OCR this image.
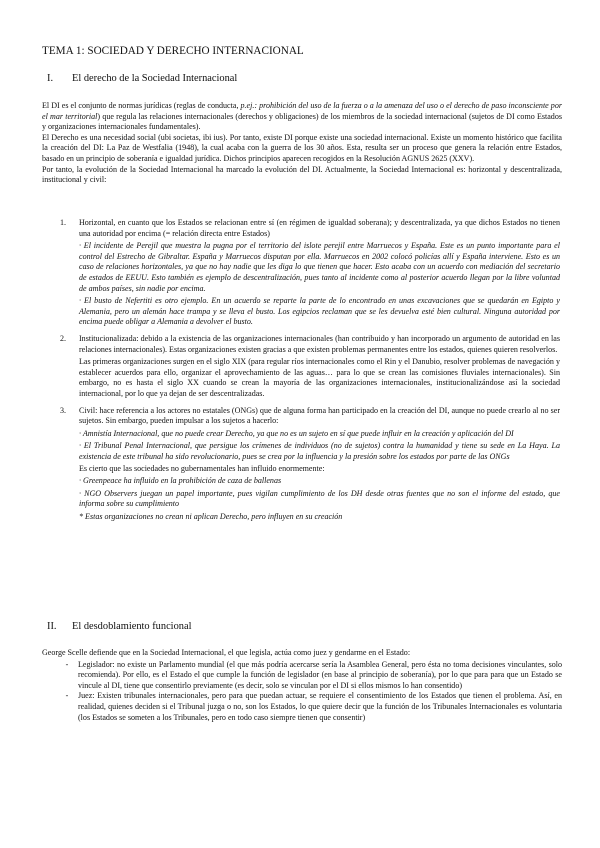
TEMA 1: SOCIEDAD Y DERECHO INTERNACIONAL
I. El derecho de la Sociedad Internacional

El DI es el conjunto de normas jurídicas (reglas de conducta, p.ej.: prohibición del uso de la fuerza o a la amenaza del uso o el derecho de paso inconsciente por el mar territorial) que regula las relaciones internacionales (derechos y obligaciones) de los miembros de la sociedad internacional (sujetos de DI como Estados y organizaciones internacionales fundamentales).

El Derecho es una necesidad social (ubi societas, ibi ius). Por tanto, existe DI porque existe una sociedad internacional. Existe un momento histórico que facilita la creación del DI: La Paz de Westfalia (1948), la cual acaba con la guerra de los 30 años. Esta, resulta ser un proceso que genera la relación entre Estados, basado en un principio de soberanía e igualdad jurídica. Dichos principios aparecen recogidos en la Resolución AGNUS 2625 (XXV).

Por tanto, la evolución de la Sociedad Internacional ha marcado la evolución del DI. Actualmente, la Sociedad Internacional es: horizontal y descentralizada, institucional y civil:

1.	Horizontal, en cuanto que los Estados se relacionan entre sí (en régimen de igualdad soberana); y descentralizada, ya que dichos Estados no tienen una autoridad por encima (= relación directa entre Estados)

· El incidente de Perejil que muestra la pugna por el territorio del islote perejil entre Marruecos y España. Este es un punto importante para el control del Estrecho de Gibraltar. España y Marruecos disputan por ella. Marruecos en 2002 colocó policías allí y España interviene. Esto es un caso de relaciones horizontales, ya que no hay nadie que les diga lo que tienen que hacer. Esto acaba con un acuerdo con mediación del secretario de estados de EEUU. Esto también es ejemplo de descentralización, pues tanto al incidente como al posterior acuerdo llegan por la libre voluntad de ambos países, sin nadie por encima.

· El busto de Nefertiti es otro ejemplo. En un acuerdo se reparte la parte de lo encontrado en unas excavaciones que se quedarán en Egipto y Alemania, pero un alemán hace trampa y se lleva el busto. Los egipcios reclaman que se les devuelva esté bien cultural. Ninguna autoridad por encima puede obligar a Alemania a devolver el busto.

2.	Institucionalizada: debido a la existencia de las organizaciones internacionales (han contribuido y han incorporado un argumento de autoridad en las relaciones internacionales). Estas organizaciones existen gracias a que existen problemas permanentes entre los estados, quienes quieren resolverlos.

Las primeras organizaciones surgen en el siglo XIX (para regular ríos internacionales como el Rin y el Danubio, resolver problemas de navegación y establecer acuerdos para ello, organizar el aprovechamiento de las aguas… para lo que se crean las comisiones fluviales internacionales). Sin embargo, no es hasta el siglo XX cuando se crean la mayoría de las organizaciones internacionales, institucionalizándose así la sociedad internacional, por lo que ya dejan de ser descentralizadas.

3.	Civil: hace referencia a los actores no estatales (ONGs) que de alguna forma han participado en la creación del DI, aunque no puede crearlo al no ser sujetos. Sin embargo, pueden impulsar a los sujetos a hacerlo:

· Amnistía Internacional, que no puede crear Derecho, ya que no es un sujeto en sí que puede influir en la creación y aplicación del DI

· El Tribunal Penal Internacional, que persigue los crímenes de individuos (no de sujetos) contra la humanidad y tiene su sede en La Haya. La existencia de este tribunal ha sido revolucionario, pues se crea por la influencia y la presión sobre los estados por parte de las ONGs

Es cierto que las sociedades no gubernamentales han influido enormemente:

· Greenpeace ha influido en la prohibición de caza de ballenas

· NGO Observers juegan un papel importante, pues vigilan cumplimiento de los DH desde otras fuentes que no son el informe del estado, que informa sobre su cumplimiento

* Estas organizaciones no crean ni aplican Derecho, pero influyen en su creación

II. El desdoblamiento funcional

George Scelle defiende que en la Sociedad Internacional, el que legisla, actúa como juez y gendarme en el Estado:

-	Legislador: no existe un Parlamento mundial (el que más podría acercarse sería la Asamblea General, pero ésta no toma decisiones vinculantes, solo recomienda). Por ello, es el Estado el que cumple la función de legislador (en base al principio de soberanía), por lo que para para que un Estado se vincule al DI, tiene que consentirlo previamente (es decir, solo se vinculan por el DI si ellos mismos lo han consentido)
-	Juez: Existen tribunales internacionales, pero para que puedan actuar, se requiere el consentimiento de los Estados que tienen el problema. Así, en realidad, quienes deciden si el Tribunal juzga o no, son los Estados, lo que quiere decir que la función de los Tribunales Internacionales es voluntaria (los Estados se someten a los Tribunales, pero en todo caso siempre tienen que consentir)
